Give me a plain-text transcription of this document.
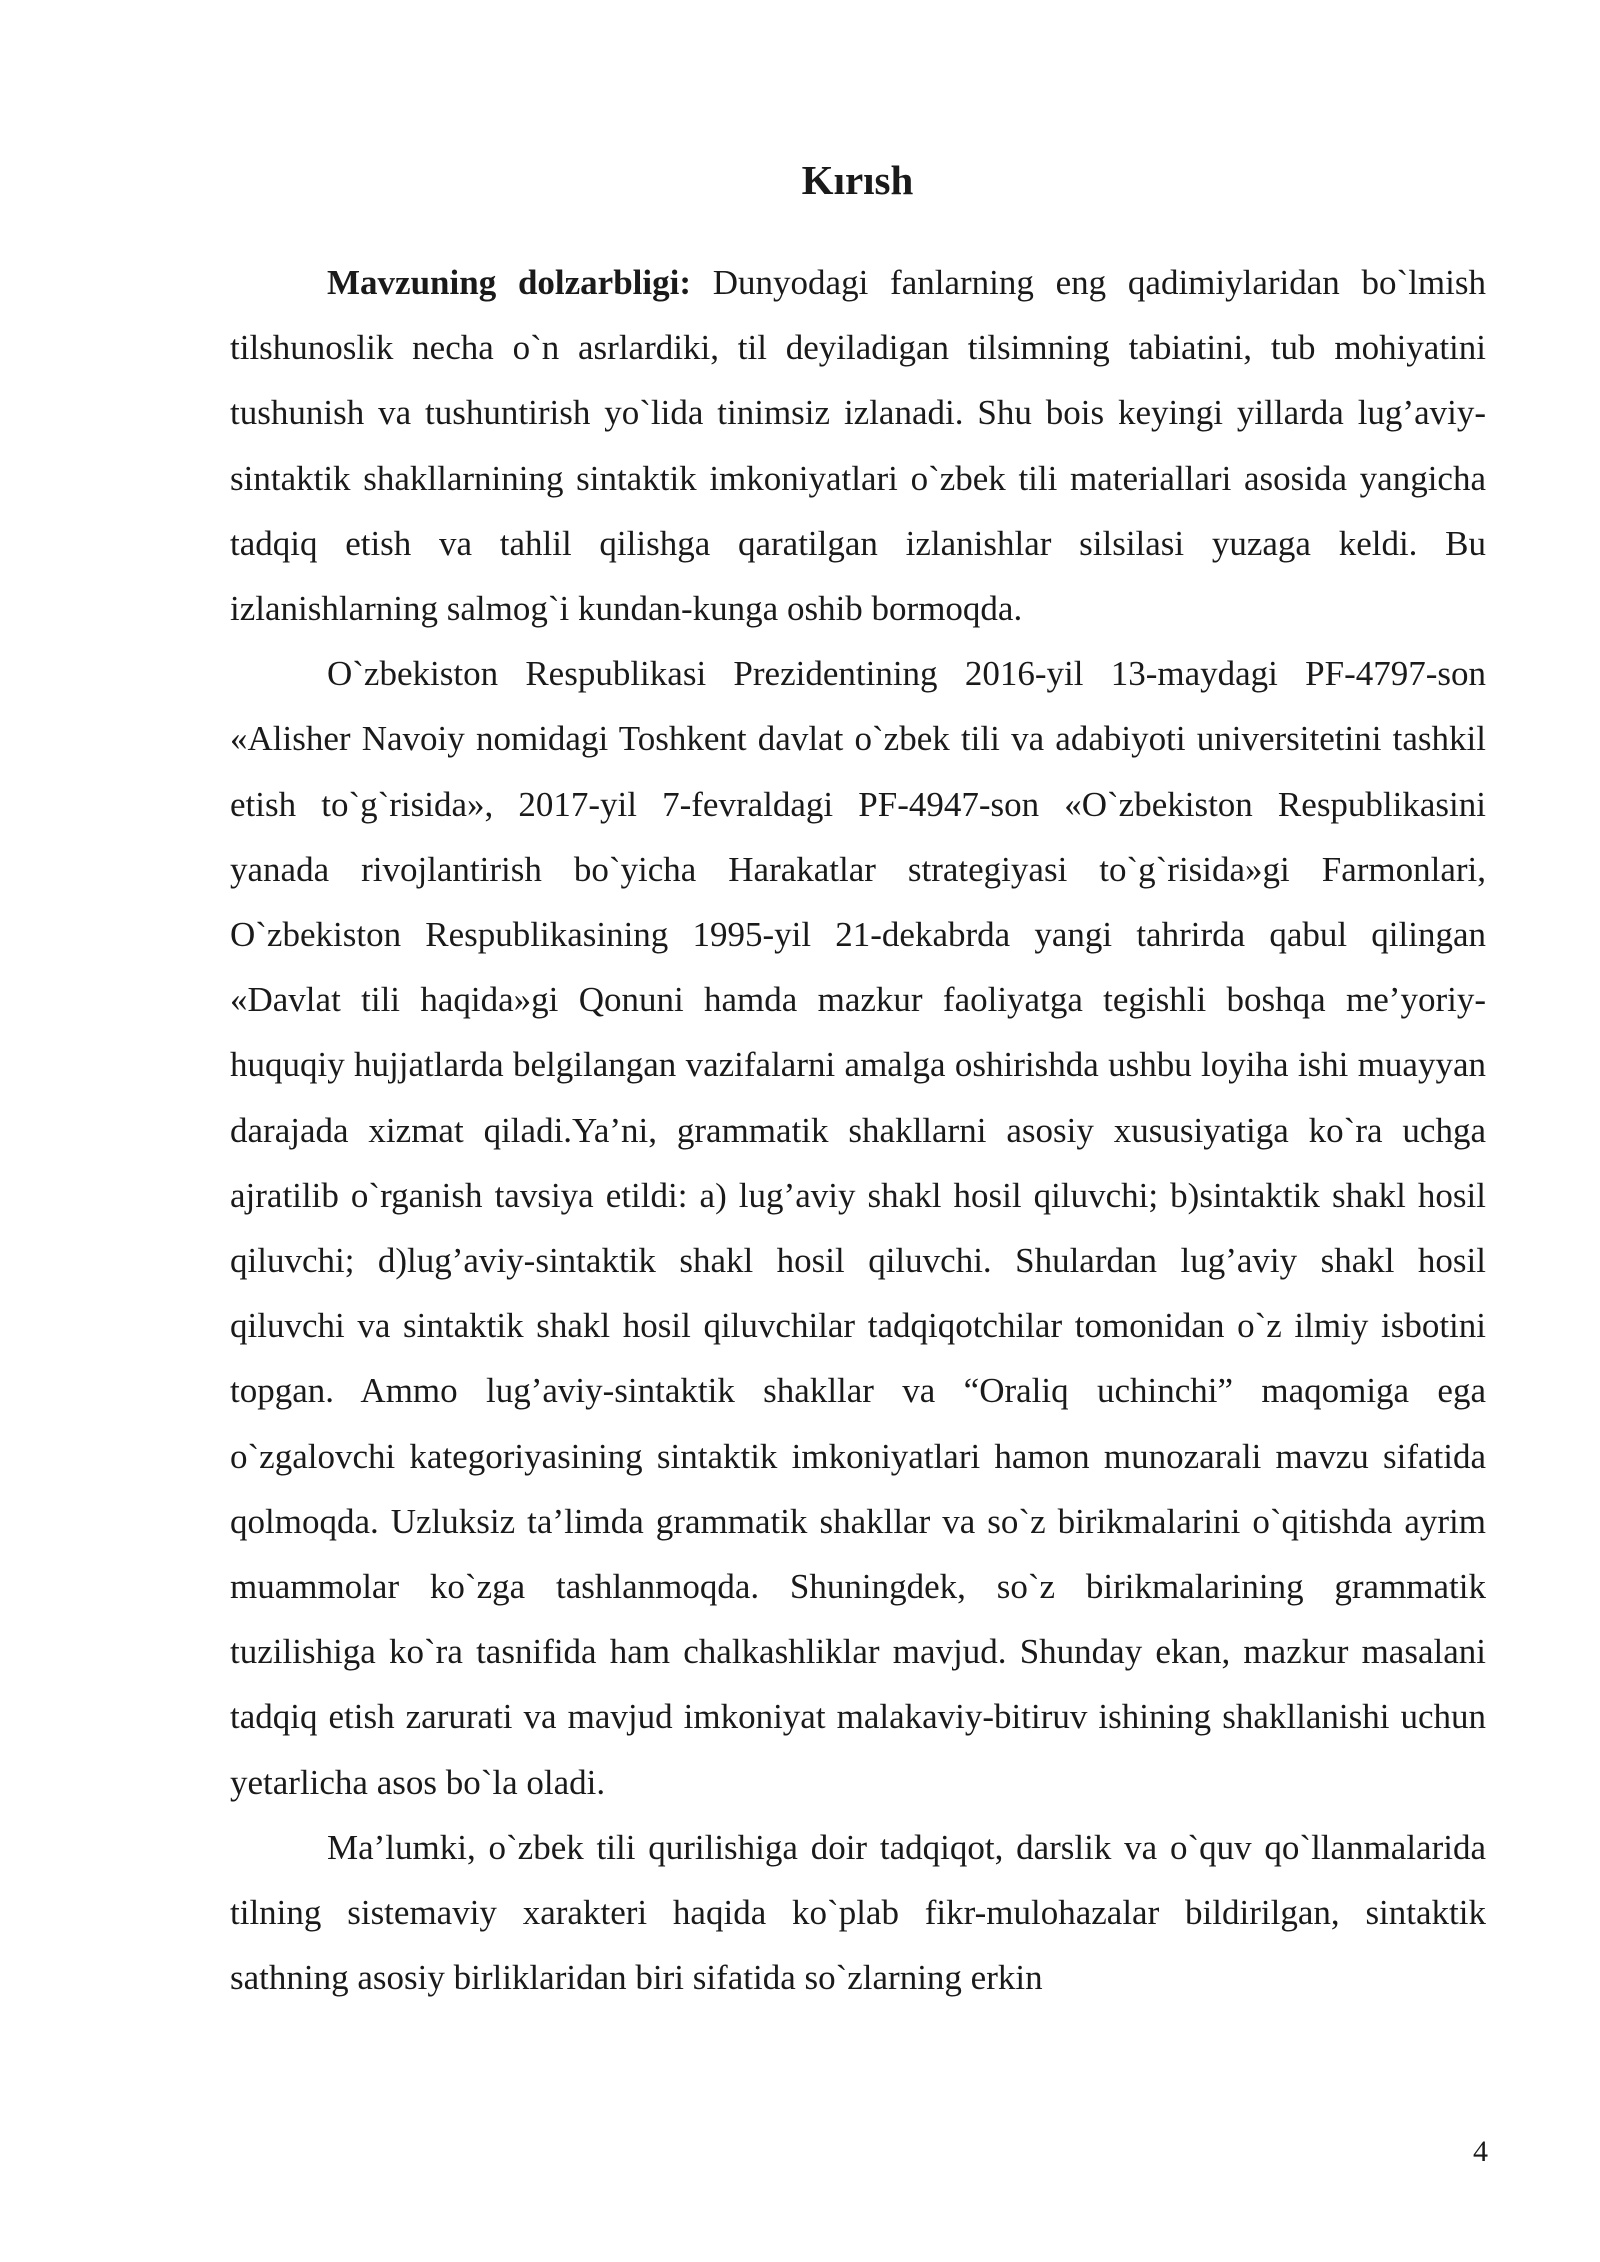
Kırısh

Mavzuning dolzarbligi: Dunyodagi fanlarning eng qadimiylaridan bo`lmish tilshunoslik necha o`n asrlardiki, til deyiladigan tilsimning tabiatini, tub mohiyatini tushunish va tushuntirish yo`lida tinimsiz izlanadi. Shu bois keyingi yillarda lug’aviy-sintaktik shakllarnining sintaktik imkoniyatlari o`zbek tili materiallari asosida yangicha tadqiq etish va tahlil qilishga qaratilgan izlanishlar silsilasi yuzaga keldi. Bu izlanishlarning salmog`i kundan-kunga oshib bormoqda.

O`zbekiston Respublikasi Prezidentining 2016-yil 13-maydagi PF-4797-son «Alisher Navoiy nomidagi Toshkent davlat o`zbek tili va adabiyoti universitetini tashkil etish to`g`risida», 2017-yil 7-fevraldagi PF-4947-son «O`zbekiston Respublikasini yanada rivojlantirish bo`yicha Harakatlar strategiyasi to`g`risida»gi Farmonlari, O`zbekiston Respublikasining 1995-yil 21-dekabrda yangi tahrirda qabul qilingan «Davlat tili haqida»gi Qonuni hamda mazkur faoliyatga tegishli boshqa me’yoriy-huquqiy hujjatlarda belgilangan vazifalarni amalga oshirishda ushbu loyiha ishi muayyan darajada xizmat qiladi.Ya’ni, grammatik shakllarni asosiy xususiyatiga ko`ra uchga ajratilib o`rganish tavsiya etildi: a) lug’aviy shakl hosil qiluvchi; b)sintaktik shakl hosil qiluvchi; d)lug’aviy-sintaktik shakl hosil qiluvchi. Shulardan lug’aviy shakl hosil qiluvchi va sintaktik shakl hosil qiluvchilar tadqiqotchilar tomonidan o`z ilmiy isbotini topgan. Ammo lug’aviy-sintaktik shakllar va “Oraliq uchinchi” maqomiga ega o`zgalovchi kategoriyasining sintaktik imkoniyatlari hamon munozarali mavzu sifatida qolmoqda. Uzluksiz ta’limda grammatik shakllar va so`z birikmalarini o`qitishda ayrim muammolar ko`zga tashlanmoqda. Shuningdek, so`z birikmalarining grammatik tuzilishiga ko`ra tasnifida ham chalkashliklar mavjud. Shunday ekan, mazkur masalani tadqiq etish zarurati va mavjud imkoniyat malakaviy-bitiruv ishining shakllanishi uchun yetarlicha asos bo`la oladi.

Ma’lumki, o`zbek tili qurilishiga doir tadqiqot, darslik va o`quv qo`llanmalarida tilning sistemaviy xarakteri haqida ko`plab fikr-mulohazalar bildirilgan, sintaktik sathning asosiy birliklaridan biri sifatida so`zlarning erkin

4
